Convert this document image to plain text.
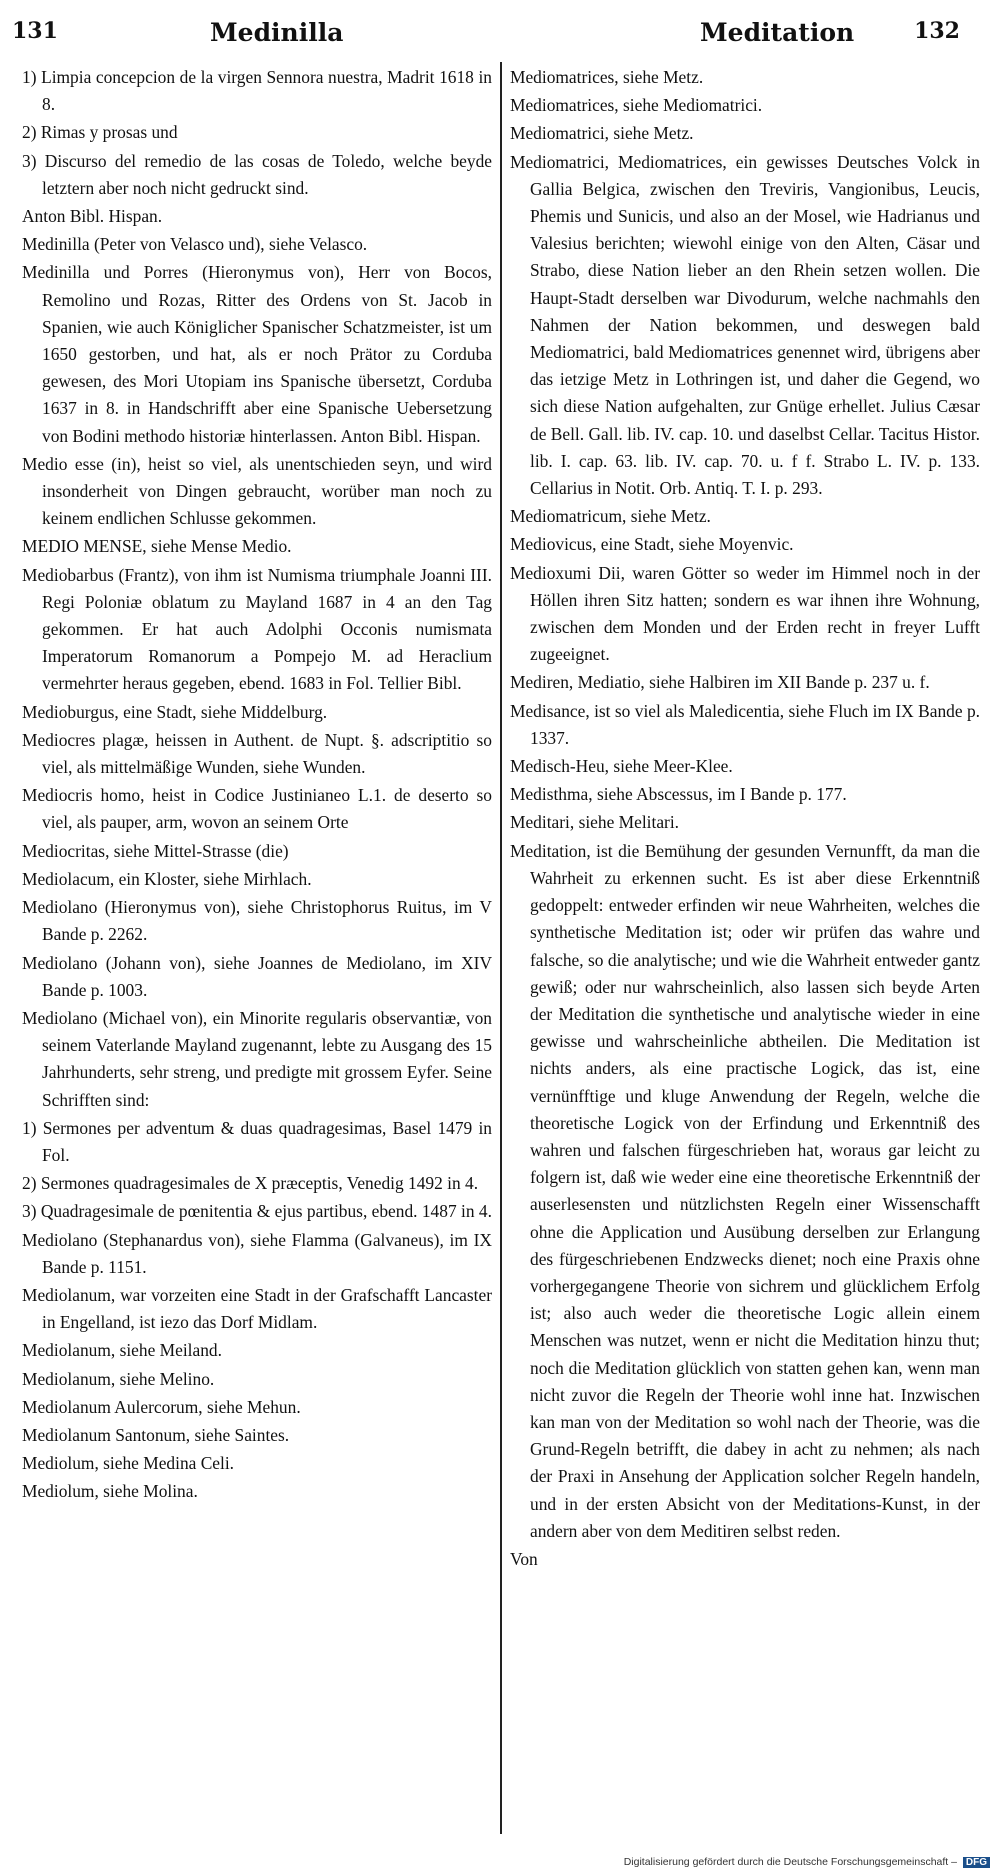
131	Medinilla	Meditation	132

1) Limpia concepcion de la virgen Sennora nuestra, Madrit 1618 in 8.

2) Rimas y prosas und

3) Discurso del remedio de las cosas de Toledo, welche beyde letztern aber noch nicht gedruckt sind.

Anton Bibl. Hispan.

Medinilla (Peter von Velasco und), siehe Velasco.

Medinilla und Porres (Hieronymus von), Herr von Bocos, Remolino und Rozas, Ritter des Ordens von St. Jacob in Spanien, wie auch Königlicher Spanischer Schatzmeister, ist um 1650 gestorben, und hat, als er noch Prätor zu Corduba gewesen, des Mori Utopiam ins Spanische übersetzt, Corduba 1637 in 8. in Handschrifft aber eine Spanische Uebersetzung von Bodini methodo historiæ hinterlassen. Anton Bibl. Hispan.

Medio esse (in), heist so viel, als unentschieden seyn, und wird insonderheit von Dingen gebraucht, worüber man noch zu keinem endlichen Schlusse gekommen.

MEDIO MENSE, siehe Mense Medio.

Mediobarbus (Frantz), von ihm ist Numisma triumphale Joanni III. Regi Poloniæ oblatum zu Mayland 1687 in 4 an den Tag gekommen. Er hat auch Adolphi Occonis numismata Imperatorum Romanorum a Pompejo M. ad Heraclium vermehrter heraus gegeben, ebend. 1683 in Fol. Tellier Bibl.

Medioburgus, eine Stadt, siehe Middelburg.

Mediocres plagæ, heissen in Authent. de Nupt. §. adscriptitio so viel, als mittelmäßige Wunden, siehe Wunden.

Mediocris homo, heist in Codice Justinianeo L.1. de deserto so viel, als pauper, arm, wovon an seinem Orte

Mediocritas, siehe Mittel-Strasse (die)

Mediolacum, ein Kloster, siehe Mirhlach.

Mediolano (Hieronymus von), siehe Christophorus Ruitus, im V Bande p. 2262.

Mediolano (Johann von), siehe Joannes de Mediolano, im XIV Bande p. 1003.

Mediolano (Michael von), ein Minorite regularis observantiæ, von seinem Vaterlande Mayland zugenannt, lebte zu Ausgang des 15 Jahrhunderts, sehr streng, und predigte mit grossem Eyfer. Seine Schrifften sind:

1) Sermones per adventum & duas quadragesimas, Basel 1479 in Fol.

2) Sermones quadragesimales de X præceptis, Venedig 1492 in 4.

3) Quadragesimale de pœnitentia & ejus partibus, ebend. 1487 in 4.

Mediolano (Stephanardus von), siehe Flamma (Galvaneus), im IX Bande p. 1151.

Mediolanum, war vorzeiten eine Stadt in der Grafschafft Lancaster in Engelland, ist iezo das Dorf Midlam.

Mediolanum, siehe Meiland.

Mediolanum, siehe Melino.

Mediolanum Aulercorum, siehe Mehun.

Mediolanum Santonum, siehe Saintes.

Mediolum, siehe Medina Celi.

Mediolum, siehe Molina.

Mediomatrices, siehe Metz.

Mediomatrices, siehe Mediomatrici.

Mediomatrici, siehe Metz.

Mediomatrici, Mediomatrices, ein gewisses Deutsches Volck in Gallia Belgica, zwischen den Treviris, Vangionibus, Leucis, Phemis und Sunicis, und also an der Mosel, wie Hadrianus und Valesius berichten; wiewohl einige von den Alten, Cäsar und Strabo, diese Nation lieber an den Rhein setzen wollen. Die Haupt-Stadt derselben war Divodurum, welche nachmahls den Nahmen der Nation bekommen, und deswegen bald Mediomatrici, bald Mediomatrices genennet wird, übrigens aber das ietzige Metz in Lothringen ist, und daher die Gegend, wo sich diese Nation aufgehalten, zur Gnüge erhellet. Julius Cæsar de Bell. Gall. lib. IV. cap. 10. und daselbst Cellar. Tacitus Histor. lib. I. cap. 63. lib. IV. cap. 70. u. f f. Strabo L. IV. p. 133. Cellarius in Notit. Orb. Antiq. T. I. p. 293.

Mediomatricum, siehe Metz.

Mediovicus, eine Stadt, siehe Moyenvic.

Medioxumi Dii, waren Götter so weder im Himmel noch in der Höllen ihren Sitz hatten; sondern es war ihnen ihre Wohnung, zwischen dem Monden und der Erden recht in freyer Lufft zugeeignet.

Mediren, Mediatio, siehe Halbiren im XII Bande p. 237 u. f.

Medisance, ist so viel als Maledicentia, siehe Fluch im IX Bande p. 1337.

Medisch-Heu, siehe Meer-Klee.

Medisthma, siehe Abscessus, im I Bande p. 177.

Meditari, siehe Melitari.

Meditation, ist die Bemühung der gesunden Vernunfft, da man die Wahrheit zu erkennen sucht. Es ist aber diese Erkenntniß gedoppelt: entweder erfinden wir neue Wahrheiten, welches die synthetische Meditation ist; oder wir prüfen das wahre und falsche, so die analytische; und wie die Wahrheit entweder gantz gewiß; oder nur wahrscheinlich, also lassen sich beyde Arten der Meditation die synthetische und analytische wieder in eine gewisse und wahrscheinliche abtheilen. Die Meditation ist nichts anders, als eine practische Logick, das ist, eine vernünfftige und kluge Anwendung der Regeln, welche die theoretische Logick von der Erfindung und Erkenntniß des wahren und falschen fürgeschrieben hat, woraus gar leicht zu folgern ist, daß wie weder eine eine theoretische Erkenntniß der auserlesensten und nützlichsten Regeln einer Wissenschafft ohne die Application und Ausübung derselben zur Erlangung des fürgeschriebenen Endzwecks dienet; noch eine Praxis ohne vorhergegangene Theorie von sichrem und glücklichem Erfolg ist; also auch weder die theoretische Logic allein einem Menschen was nutzet, wenn er nicht die Meditation hinzu thut; noch die Meditation glücklich von statten gehen kan, wenn man nicht zuvor die Regeln der Theorie wohl inne hat. Inzwischen kan man von der Meditation so wohl nach der Theorie, was die Grund-Regeln betrifft, die dabey in acht zu nehmen; als nach der Praxi in Ansehung der Application solcher Regeln handeln, und in der ersten Absicht von der Meditations-Kunst, in der andern aber von dem Meditiren selbst reden.

Von

Digitalisierung gefördert durch die Deutsche Forschungsgemeinschaft – DFG
